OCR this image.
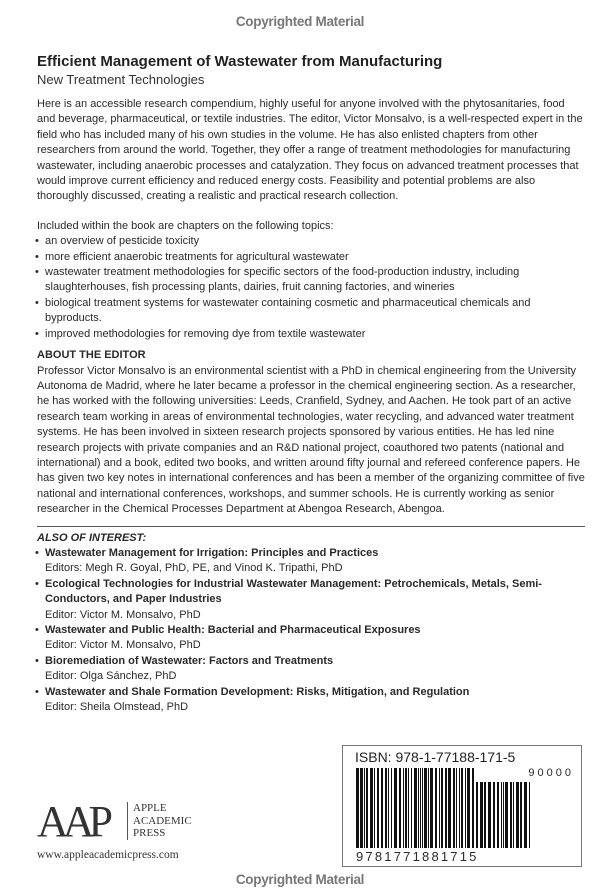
Copyrighted Material
Efficient Management of Wastewater from Manufacturing
New Treatment Technologies

Here is an accessible research compendium, highly useful for anyone involved with the phytosanitaries, food and beverage, pharmaceutical, or textile industries. The editor, Victor Monsalvo, is a well-respected expert in the field who has included many of his own studies in the volume. He has also enlisted chapters from other researchers from around the world. Together, they offer a range of treatment methodologies for manufacturing wastewater, including anaerobic processes and catalyzation. They focus on advanced treatment processes that would improve current efficiency and reduced energy costs. Feasibility and potential problems are also thoroughly discussed, creating a realistic and practical research collection.

Included within the book are chapters on the following topics:

• an overview of pesticide toxicity
• more efficient anaerobic treatments for agricultural wastewater
• wastewater treatment methodologies for specific sectors of the food-production industry, including slaughterhouses, fish processing plants, dairies, fruit canning factories, and wineries
• biological treatment systems for wastewater containing cosmetic and pharmaceutical chemicals and byproducts.
• improved methodologies for removing dye from textile wastewater

ABOUT THE EDITOR

Professor Victor Monsalvo is an environmental scientist with a PhD in chemical engineering from the University Autonoma de Madrid, where he later became a professor in the chemical engineering section. As a researcher, he has worked with the following universities: Leeds, Cranfield, Sydney, and Aachen. He took part of an active research team working in areas of environmental technologies, water recycling, and advanced water treatment systems. He has been involved in sixteen research projects sponsored by various entities. He has led nine research projects with private companies and an R&D national project, coauthored two patents (national and international) and a book, edited two books, and written around fifty journal and refereed conference papers. He has given two key notes in international conferences and has been a member of the organizing committee of five national and international conferences, workshops, and summer schools. He is currently working as senior researcher in the Chemical Processes Department at Abengoa Research, Abengoa.

ALSO OF INTEREST:

• Wastewater Management for Irrigation: Principles and Practices
Editors: Megh R. Goyal, PhD, PE, and Vinod K. Tripathi, PhD
• Ecological Technologies for Industrial Wastewater Management: Petrochemicals, Metals, Semi-Conductors, and Paper Industries
Editor: Victor M. Monsalvo, PhD
• Wastewater and Public Health: Bacterial and Pharmaceutical Exposures
Editor: Victor M. Monsalvo, PhD
• Bioremediation of Wastewater: Factors and Treatments
Editor: Olga Sánchez, PhD
• Wastewater and Shale Formation Development: Risks, Mitigation, and Regulation
Editor: Sheila Olmstead, PhD
AAP APPLE
ACADEMIC
PRESS
www.appleacademicpress.com
ISBN: 978-1-77188-171-5
90000
9781771881715
Copyrighted Material
